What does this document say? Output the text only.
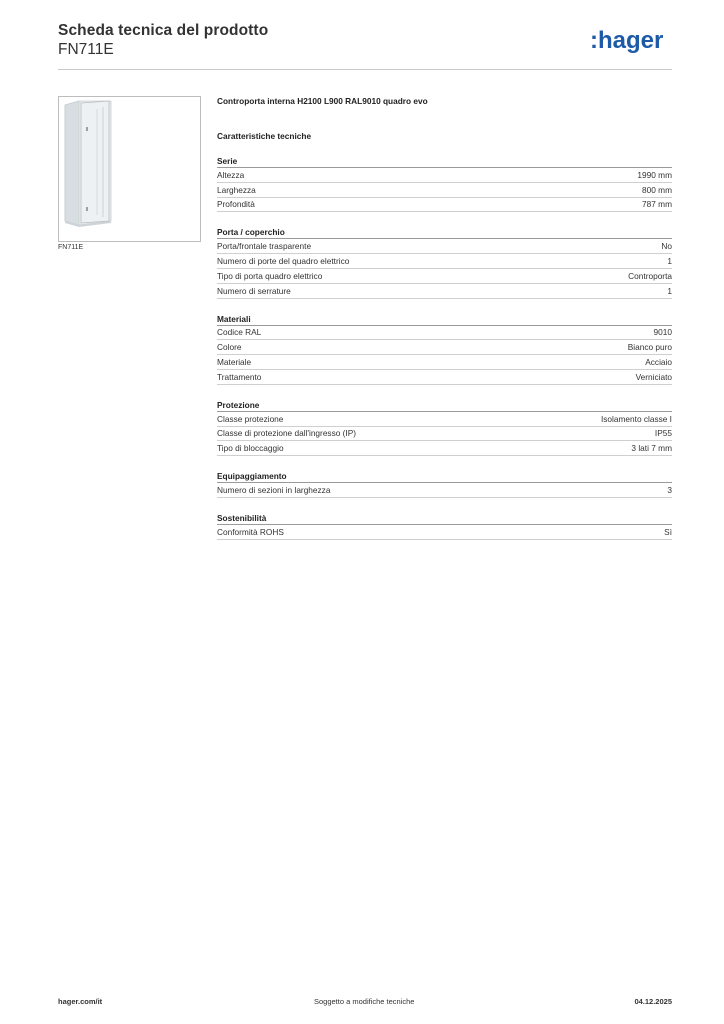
Scheda tecnica del prodotto
FN711E	:hager
FN711E
Controporta interna H2100 L900 RAL9010 quadro evo
Caratteristiche tecniche
Serie
Altezza	1990 mm
Larghezza	800 mm
Profondità	787 mm
Porta / coperchio
Porta/frontale trasparente	No
Numero di porte del quadro elettrico	1
Tipo di porta quadro elettrico	Controporta
Numero di serrature	1
Materiali
Codice RAL	9010
Colore	Bianco puro
Materiale	Acciaio
Trattamento	Verniciato
Protezione
Classe protezione	Isolamento classe I
Classe di protezione dall'ingresso (IP)	IP55
Tipo di bloccaggio	3 lati 7 mm
Equipaggiamento
Numero di sezioni in larghezza	3
Sostenibilità
Conformità ROHS	Sì
hager.com/it	Soggetto a modifiche tecniche	04.12.2025
